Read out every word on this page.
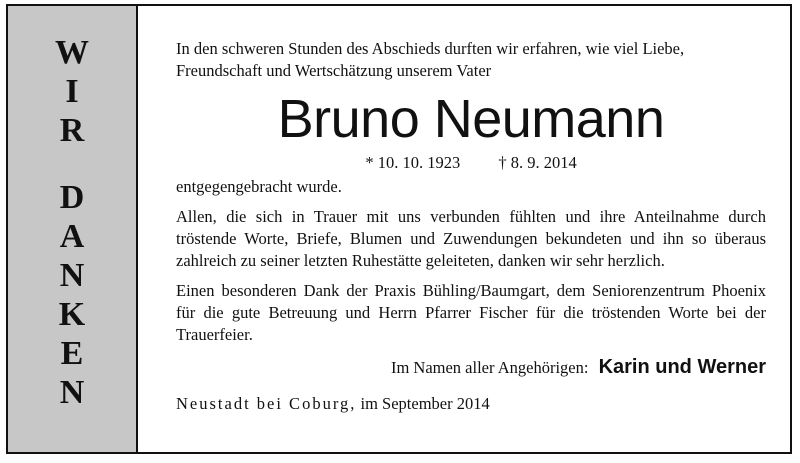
W
I
R
D
A
N
K
E
N

In den schweren Stunden des Abschieds durften wir erfahren, wie viel Liebe,

Freundschaft und Wertschätzung unserem Vater

Bruno Neumann

* 10. 10. 1923 † 8. 9. 2014

entgegengebracht wurde.

Allen, die sich in Trauer mit uns verbunden fühlten und ihre Anteilnahme durch tröstende Worte, Briefe, Blumen und Zuwendungen bekundeten und ihn so überaus zahlreich zu seiner letzten Ruhestätte geleiteten, danken wir sehr herzlich.

Einen besonderen Dank der Praxis Bühling/Baumgart, dem Seniorenzentrum Phoenix für die gute Betreuung und Herrn Pfarrer Fischer für die tröstenden Worte bei der Trauerfeier.

Im Namen aller Angehörigen: Karin und Werner

Neustadt bei Coburg, im September 2014
